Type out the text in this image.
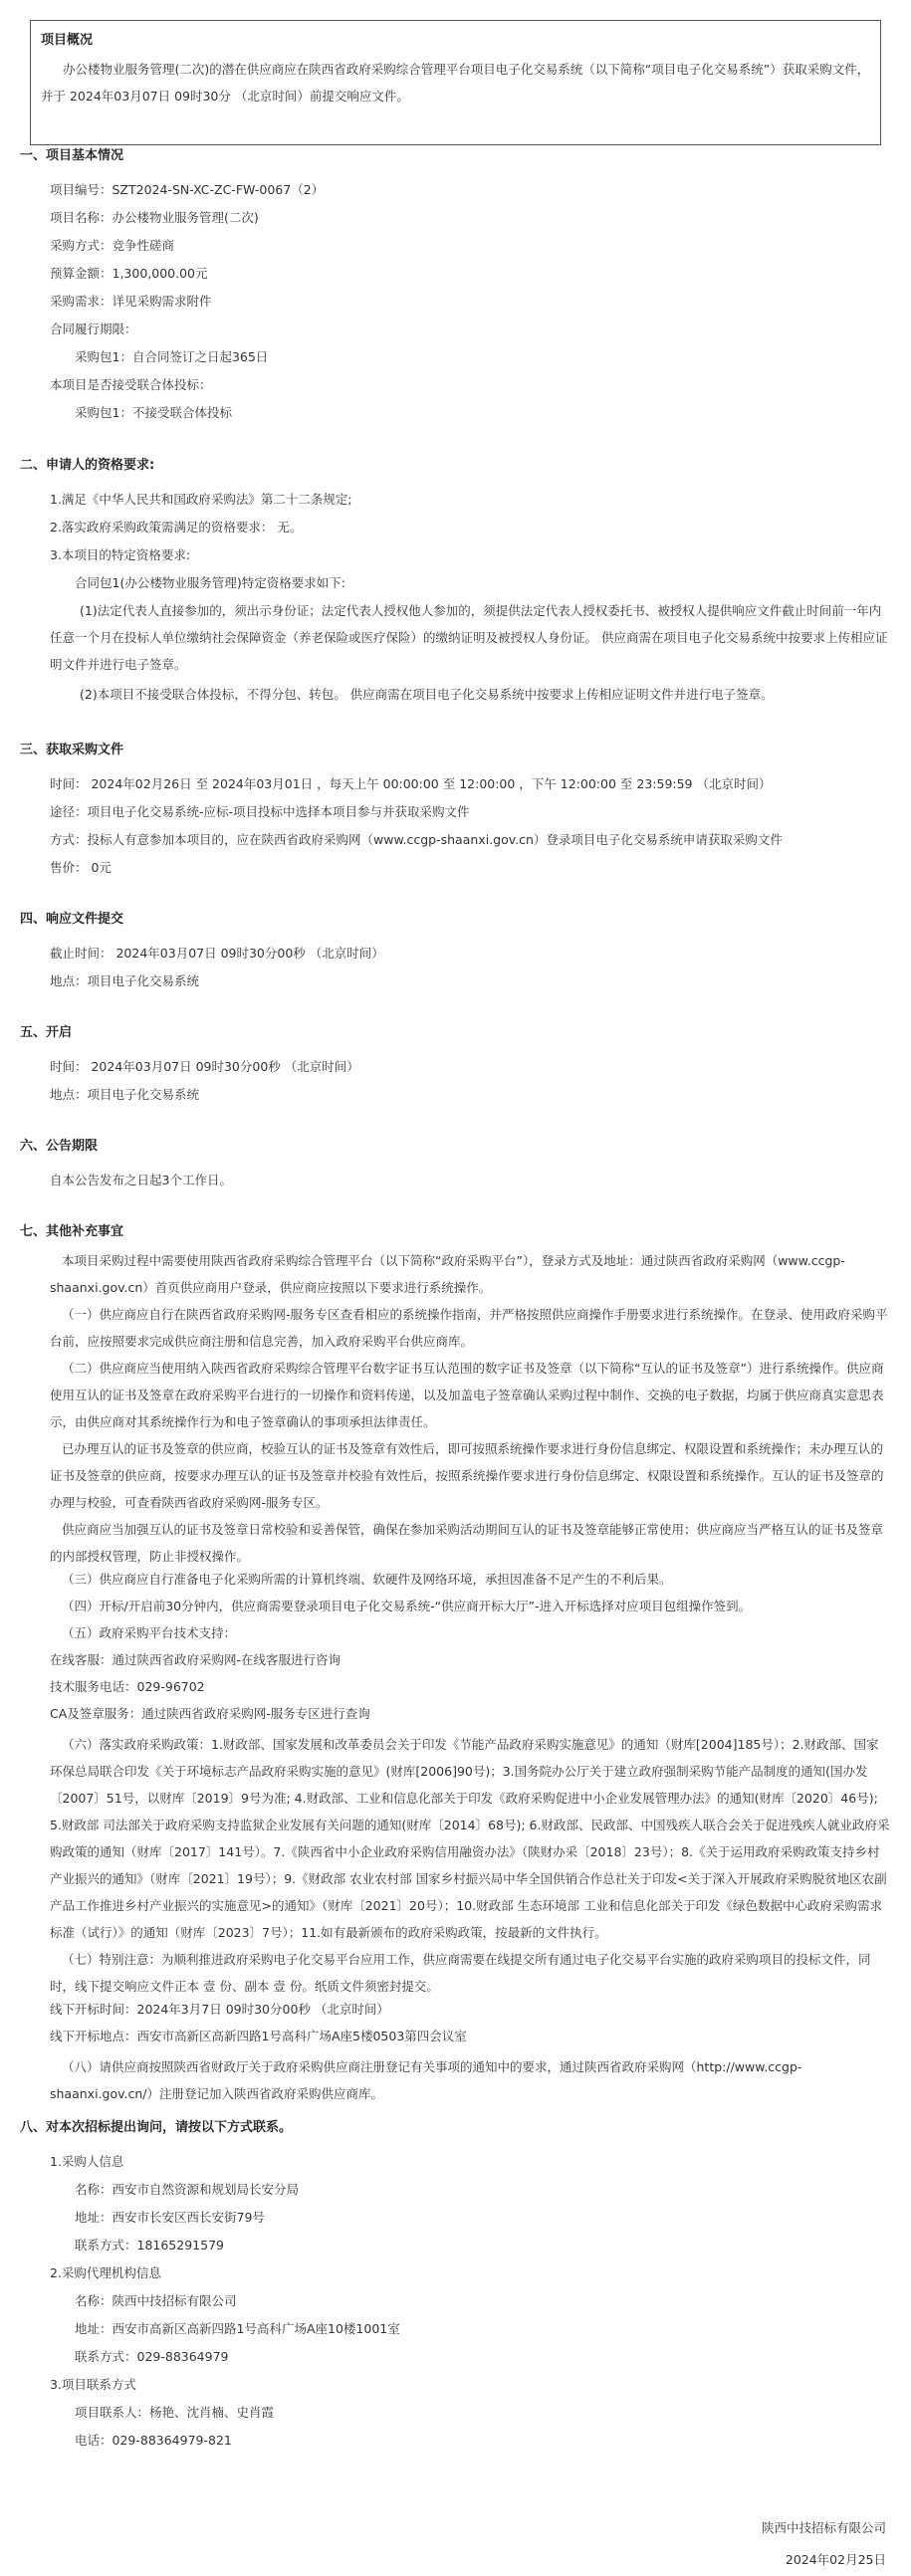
项目概况
办公楼物业服务管理(二次)的潜在供应商应在陕西省政府采购综合管理平台项目电子化交易系统（以下简称“项目电子化交易系统”）获取采购文件，并于 2024年03月07日 09时30分 （北京时间）前提交响应文件。
一、项目基本情况
项目编号：SZT2024-SN-XC-ZC-FW-0067（2）
项目名称：办公楼物业服务管理(二次)
采购方式：竞争性磋商
预算金额：1,300,000.00元
采购需求：详见采购需求附件
合同履行期限：
采购包1：自合同签订之日起365日
本项目是否接受联合体投标：
采购包1：不接受联合体投标
二、申请人的资格要求:
1.满足《中华人民共和国政府采购法》第二十二条规定;
2.落实政府采购政策需满足的资格要求： 无。
3.本项目的特定资格要求:
合同包1(办公楼物业服务管理)特定资格要求如下:
(1)法定代表人直接参加的，须出示身份证；法定代表人授权他人参加的，须提供法定代表人授权委托书、被授权人提供响应文件截止时间前一年内任意一个月在投标人单位缴纳社会保障资金（养老保险或医疗保险）的缴纳证明及被授权人身份证。 供应商需在项目电子化交易系统中按要求上传相应证明文件并进行电子签章。
(2)本项目不接受联合体投标，不得分包、转包。 供应商需在项目电子化交易系统中按要求上传相应证明文件并进行电子签章。
三、获取采购文件
时间： 2024年02月26日 至 2024年03月01日 ，每天上午 00:00:00 至 12:00:00 ，下午 12:00:00 至 23:59:59 （北京时间）
途径：项目电子化交易系统-应标-项目投标中选择本项目参与并获取采购文件
方式：投标人有意参加本项目的，应在陕西省政府采购网（www.ccgp-shaanxi.gov.cn）登录项目电子化交易系统申请获取采购文件
售价： 0元
四、响应文件提交
截止时间： 2024年03月07日 09时30分00秒 （北京时间）
地点：项目电子化交易系统
五、开启
时间： 2024年03月07日 09时30分00秒 （北京时间）
地点：项目电子化交易系统
六、公告期限
自本公告发布之日起3个工作日。
七、其他补充事宜
本项目采购过程中需要使用陕西省政府采购综合管理平台（以下简称“政府采购平台”），登录方式及地址：通过陕西省政府采购网（www.ccgp-shaanxi.gov.cn）首页供应商用户登录，供应商应按照以下要求进行系统操作。
（一）供应商应自行在陕西省政府采购网-服务专区查看相应的系统操作指南，并严格按照供应商操作手册要求进行系统操作。在登录、使用政府采购平台前，应按照要求完成供应商注册和信息完善，加入政府采购平台供应商库。
（二）供应商应当使用纳入陕西省政府采购综合管理平台数字证书互认范围的数字证书及签章（以下简称“互认的证书及签章”）进行系统操作。供应商使用互认的证书及签章在政府采购平台进行的一切操作和资料传递，以及加盖电子签章确认采购过程中制作、交换的电子数据，均属于供应商真实意思表示，由供应商对其系统操作行为和电子签章确认的事项承担法律责任。
已办理互认的证书及签章的供应商，校验互认的证书及签章有效性后，即可按照系统操作要求进行身份信息绑定、权限设置和系统操作；未办理互认的证书及签章的供应商，按要求办理互认的证书及签章并校验有效性后，按照系统操作要求进行身份信息绑定、权限设置和系统操作。互认的证书及签章的办理与校验，可查看陕西省政府采购网-服务专区。
供应商应当加强互认的证书及签章日常校验和妥善保管，确保在参加采购活动期间互认的证书及签章能够正常使用；供应商应当严格互认的证书及签章的内部授权管理，防止非授权操作。
（三）供应商应自行准备电子化采购所需的计算机终端、软硬件及网络环境，承担因准备不足产生的不利后果。
（四）开标/开启前30分钟内，供应商需要登录项目电子化交易系统-“供应商开标大厅”-进入开标选择对应项目包组操作签到。
（五）政府采购平台技术支持：
在线客服：通过陕西省政府采购网-在线客服进行咨询
技术服务电话：029-96702
CA及签章服务：通过陕西省政府采购网-服务专区进行查询
（六）落实政府采购政策：1.财政部、国家发展和改革委员会关于印发《节能产品政府采购实施意见》的通知（财库[2004]185号）；2.财政部、国家环保总局联合印发《关于环境标志产品政府采购实施的意见》(财库[2006]90号)；3.国务院办公厅关于建立政府强制采购节能产品制度的通知(国办发〔2007〕51号，以财库〔2019〕9号为准; 4.财政部、工业和信息化部关于印发《政府采购促进中小企业发展管理办法》的通知(财库〔2020〕46号); 5.财政部 司法部关于政府采购支持监狱企业发展有关问题的通知(财库〔2014〕68号); 6.财政部、民政部、中国残疾人联合会关于促进残疾人就业政府采购政策的通知（财库〔2017〕141号）。7.《陕西省中小企业政府采购信用融资办法》（陕财办采〔2018〕23号）；8.《关于运用政府采购政策支持乡村产业振兴的通知》（财库〔2021〕19号）；9.《财政部 农业农村部 国家乡村振兴局中华全国供销合作总社关于印发<关于深入开展政府采购脱贫地区农副产品工作推进乡村产业振兴的实施意见>的通知》（财库〔2021〕20号）；10.财政部 生态环境部 工业和信息化部关于印发《绿色数据中心政府采购需求标准（试行）》的通知（财库〔2023〕7号）；11.如有最新颁布的政府采购政策，按最新的文件执行。
（七）特别注意：为顺利推进政府采购电子化交易平台应用工作，供应商需要在线提交所有通过电子化交易平台实施的政府采购项目的投标文件，同时，线下提交响应文件正本 壹 份、副本 壹 份。纸质文件须密封提交。
线下开标时间：2024年3月7日 09时30分00秒 （北京时间）
线下开标地点：西安市高新区高新四路1号高科广场A座5楼0503第四会议室
（八）请供应商按照陕西省财政厅关于政府采购供应商注册登记有关事项的通知中的要求，通过陕西省政府采购网（http://www.ccgp-shaanxi.gov.cn/）注册登记加入陕西省政府采购供应商库。
八、对本次招标提出询问，请按以下方式联系。
1.采购人信息
名称：西安市自然资源和规划局长安分局
地址：西安市长安区西长安街79号
联系方式：18165291579
2.采购代理机构信息
名称：陕西中技招标有限公司
地址：西安市高新区高新四路1号高科广场A座10楼1001室
联系方式：029-88364979
3.项目联系方式
项目联系人：杨艳、沈肖楠、史肖霞
电话：029-88364979-821
陕西中技招标有限公司
2024年02月25日
